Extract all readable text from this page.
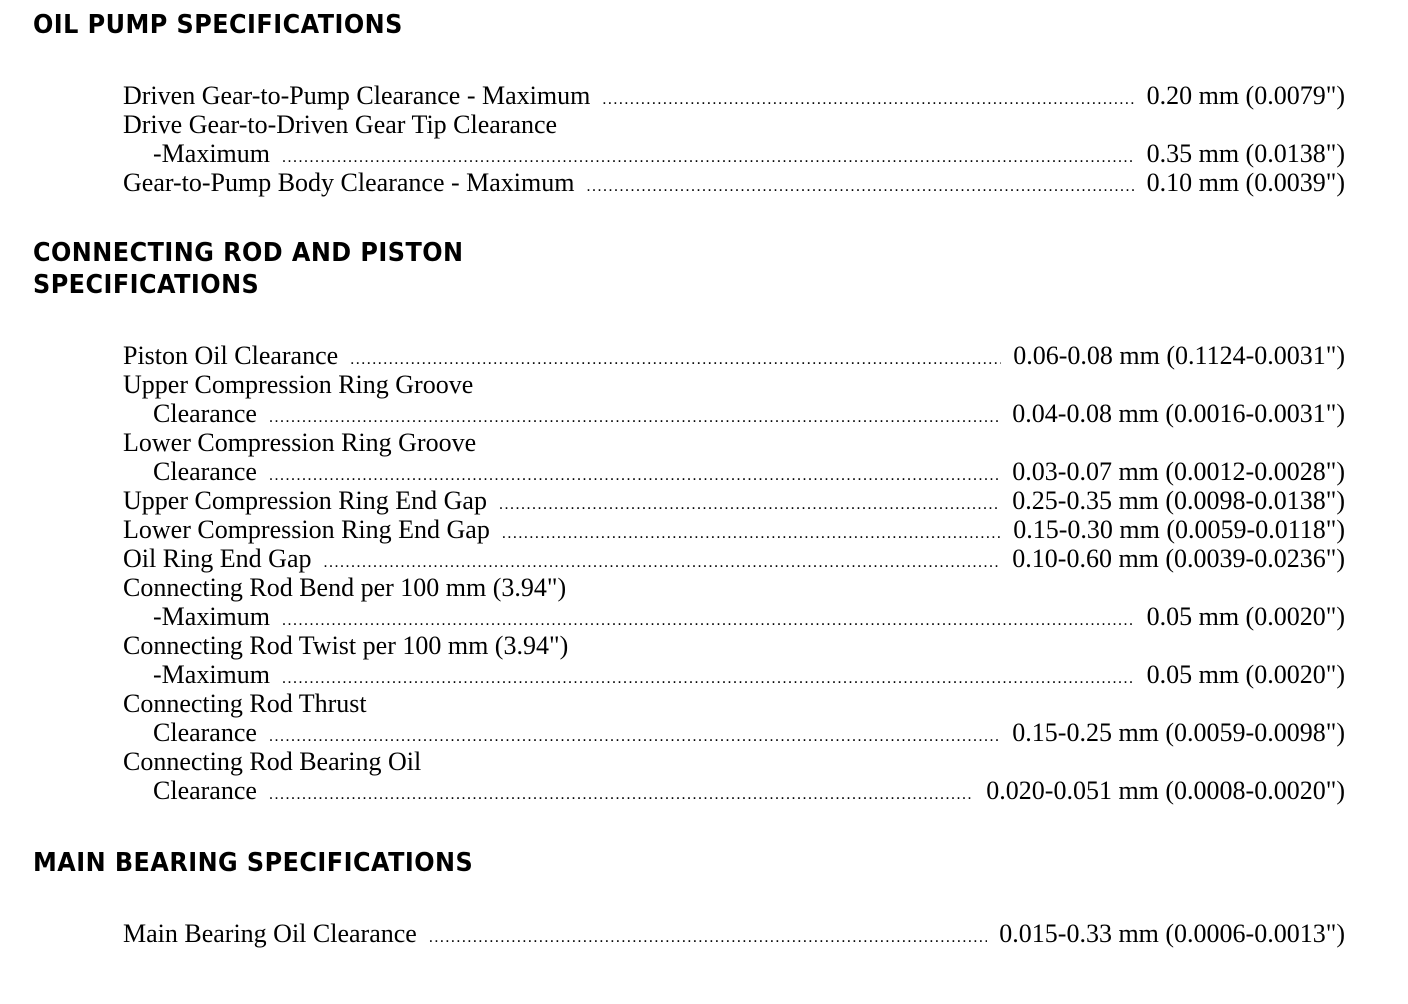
OIL PUMP SPECIFICATIONS
Driven Gear-to-Pump Clearance - Maximum .....	0.20 mm (0.0079")
Drive Gear-to-Driven Gear Tip Clearance
-Maximum .....	0.35 mm (0.0138")
Gear-to-Pump Body Clearance - Maximum .....	0.10 mm (0.0039")
CONNECTING ROD AND PISTON
SPECIFICATIONS
Piston Oil Clearance .....	0.06-0.08 mm (0.1124-0.0031")
Upper Compression Ring Groove
Clearance .....	0.04-0.08 mm (0.0016-0.0031")
Lower Compression Ring Groove
Clearance .....	0.03-0.07 mm (0.0012-0.0028")
Upper Compression Ring End Gap .....	0.25-0.35 mm (0.0098-0.0138")
Lower Compression Ring End Gap .....	0.15-0.30 mm (0.0059-0.0118")
Oil Ring End Gap .....	0.10-0.60 mm (0.0039-0.0236")
Connecting Rod Bend per 100 mm (3.94")
-Maximum .....	0.05 mm (0.0020")
Connecting Rod Twist per 100 mm (3.94")
-Maximum .....	0.05 mm (0.0020")
Connecting Rod Thrust
Clearance .....	0.15-0.25 mm (0.0059-0.0098")
Connecting Rod Bearing Oil
Clearance .....	0.020-0.051 mm (0.0008-0.0020")
MAIN BEARING SPECIFICATIONS
Main Bearing Oil Clearance .....	0.015-0.33 mm (0.0006-0.0013")
